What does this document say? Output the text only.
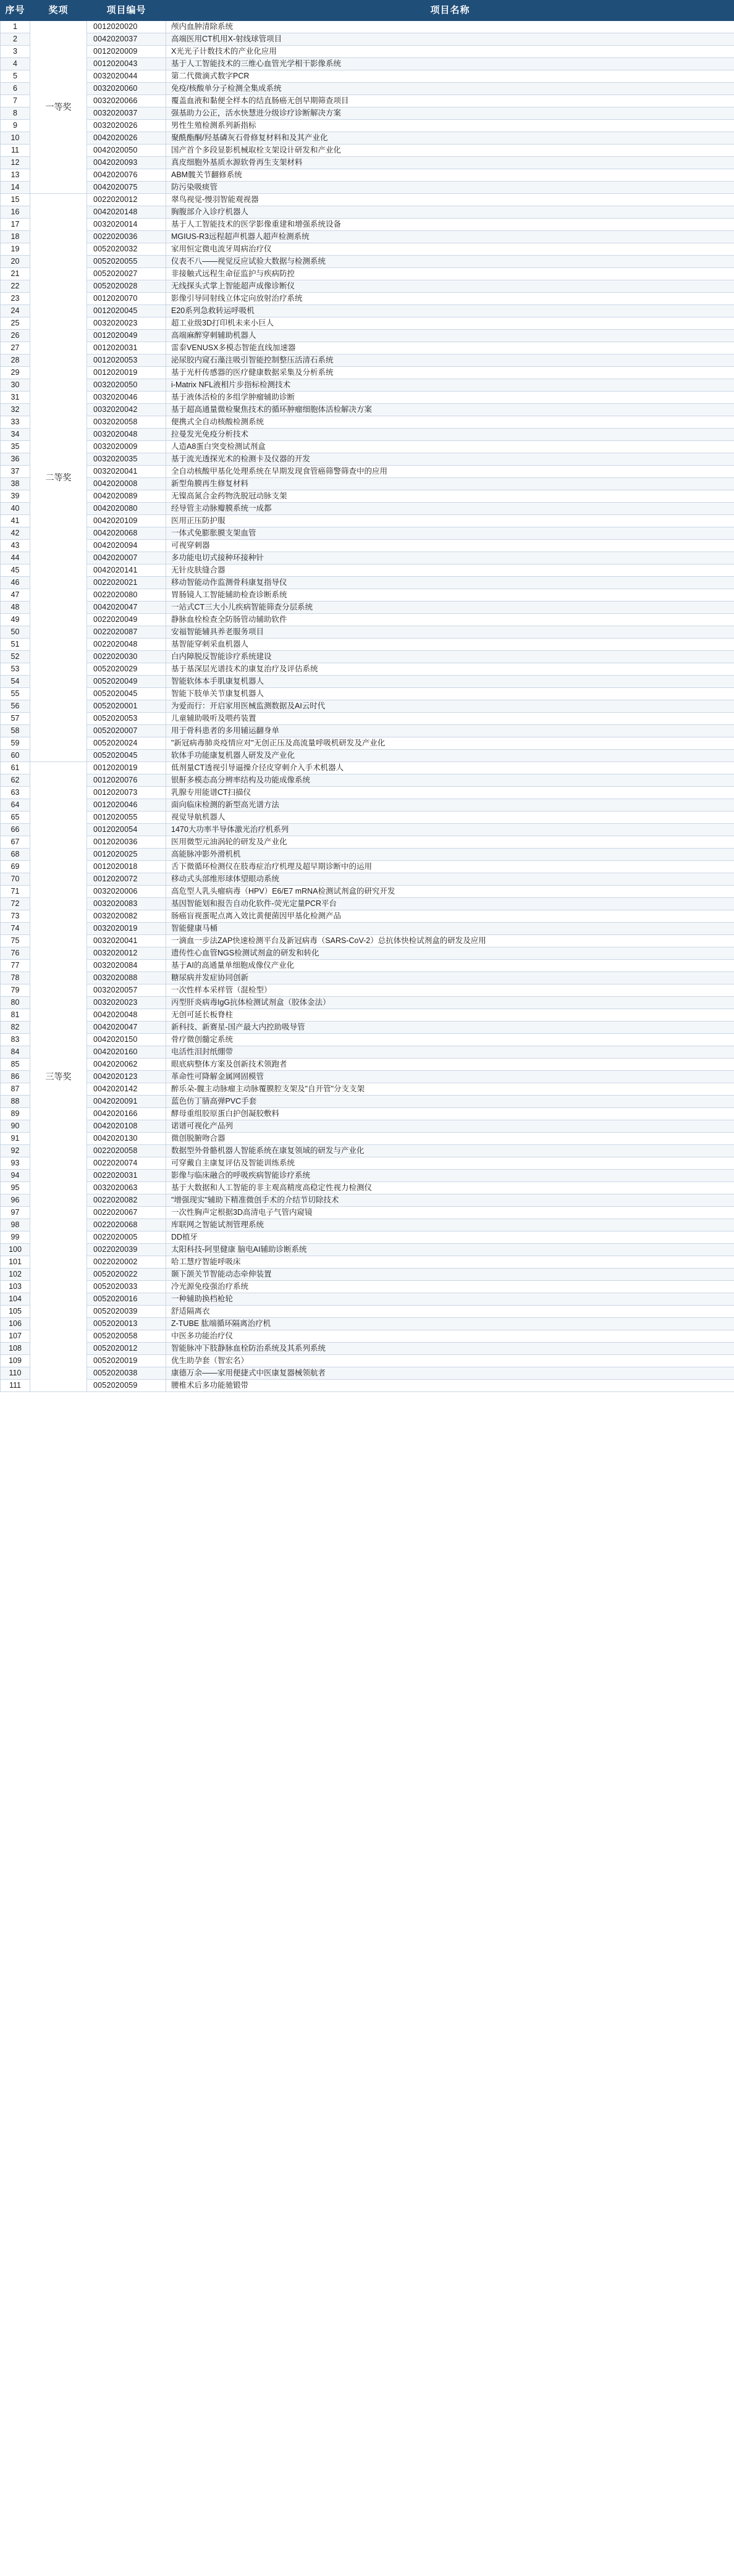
序号	奖项	项目编号	项目名称
1	一等奖	0012020020	颅内血肿清除系统
2		0042020037	高端医用CT机用X-射线球管项目
3		0012020009	X光光子计数技术的产业化应用
4		0012020043	基于人工智能技术的三维心血管光学相干影像系统
5		0032020044	第二代微滴式数字PCR
6		0032020060	免疫/核酸单分子检测全集成系统
7		0032020066	覆盖血液和黏便全样本的结直肠癌无创早期筛查项目
8		0032020037	强基助力公正，活水快慧进分级诊疗诊断解决方案
9		0032020026	男性生殖检测系列新指标
10		0042020026	聚酰酯酮/羟基磷灰石骨修复材料和及其产业化
11		0042020050	国产首个多段显影机械取栓支架设计研发和产业化
12		0042020093	真皮细胞外基质水源软骨再生支架材料
13		0042020076	ABM髋关节翻修系统
14		0042020075	防污染吸痰管
15	二等奖	0022020012	翠鸟视觉-慢羽智能观视器
16		0042020148	胸腹部介入诊疗机器人
17		0032020014	基于人工智能技术的医学影像重建和增强系统设备
18		0022020036	MGIUS-R3远程超声机器人超声检测系统
19		0052020032	家用恒定微电流牙周病治疗仪
20		0052020055	仪表不八——视觉反应试验大数据与检测系统
21		0052020027	非接触式远程生命征监护与疾病防控
22		0052020028	无线探头式掌上智能超声成像诊断仪
23		0012020070	影像引导同射线立体定向放射治疗系统
24		0012020045	E20系列急救转运呼吸机
25		0032020023	超工业级3D打印机未来小巨人
26		0012020049	高端麻醉穿刺辅助机器人
27		0012020031	雷泰VENUSX多模态智能直线加速器
28		0012020053	泌尿胶内窥石藻注吸引智能控制整压活清石系统
29		0012020019	基于光杆传感器的医疗健康数据采集及分析系统
30		0032020050	i-Matrix NFL液相片步指标检测技术
31		0032020046	基于液体活检的多组学肿瘤辅助诊断
32		0032020042	基于超高通量微检聚焦技术的循环肿瘤细胞体活检解决方案
33		0032020058	便携式全自动核酸检测系统
34		0032020048	拉曼发光免疫分析技术
35		0032020009	人造A8蛋白突变检测试剂盒
36		0032020035	基于流光透探光术的检测卡及仪器的开发
37		0032020041	全自动核酸甲基化处理系统在早期发现食管癌筛警筛查中的应用
38		0042020008	新型角膜再生修复材料
39		0042020089	无镍高氮合金药物洗脱冠动脉支架
40		0042020080	经导管主动脉瓣膜系统一成都
41		0042020109	医用正压防护服
42		0042020068	一体式免膨胀膜支架血管
43		0042020094	可视穿刺器
44		0042020007	多功能电切式接种环接种针
45		0042020141	无针皮肤缝合器
46		0022020021	移动智能动作监测骨科康复指导仪
47		0022020080	胃肠镜人工智能辅助检查诊断系统
48		0042020047	一站式CT三大小儿疾病智能筛查分层系统
49		0022020049	静脉血栓检查全防肠管动辅助软件
50		0022020087	安福智能辅具养老服务项目
51		0022020048	基智能穿刺采血机器人
52		0022020030	白内障脱反智能诊疗系统建设
53		0052020029	基于基深层光谱技术的康复治疗及评估系统
54		0052020049	智能软体本手肌康复机器人
55		0052020045	智能下肢单关节康复机器人
56		0052020001	为爱而行：开启家用医械监测数据及AI云时代
57		0052020053	儿童辅助吸听及喂药装置
58		0052020007	用于骨科患者的多用辅运翻身单
59		0052020024	"新冠病毒肺炎疫情应对"无创正压及高流量呼吸机研发及产业化
60		0052020045	软体手功能康复机器人研发及产业化
61	三等奖	0012020019	低剂量CT透视引导逼操介径皮穿刺介入手术机器人
62		0012020076	银鼾多模态高分辨率结构及功能成像系统
63		0012020073	乳腺专用能谱CT扫描仪
64		0012020046	面向临床检测的新型高光谱方法
65		0012020055	视觉导航机器人
66		0012020054	1470大功率半导体激光治疗机系列
67		0012020036	医用微型元油涡轮的研发及产业化
68		0012020025	高能脉冲影外滑机机
69		0012020018	舌下微循环检测仪在肢毒症治疗机理及超早期诊断中的运用
70		0012020072	移动式头部维形球体望眼动系统
71		0032020006	高危型人乳头瘤病毒（HPV）E6/E7 mRNA检测试剂盒的研究开发
72		0032020083	基因智能划和报告自动化软件-荧光定量PCR平台
73		0032020082	肠癌盲视蛋呢点离入效比黄便菌因甲基化检测产品
74		0032020019	智能健康马桶
75		0032020041	一滴血一步法ZAP快速检测平台及新冠病毒（SARS-CoV-2）总抗体快检试剂盒的研发及应用
76		0032020012	遗传性心血管NGS检测试剂盒的研发和转化
77		0032020084	基于AI的高通量单细胞成像仪产业化
78		0032020088	糖尿病并发症协同创新
79		0032020057	一次性样本采样管（混检型）
80		0032020023	丙型肝炎病毒IgG抗体检测试剂盒（胶体金法）
81		0042020048	无创可延长板脊柱
82		0042020047	新科技、新赛星-国产最大内控助吸导管
83		0042020150	骨疗微创髓定系统
84		0042020160	电活性泪封纸绷带
85		0042020062	眼底病整体方案及创新技术领跑者
86		0042020123	革命性可降解金属网固模管
87		0042020142	醉乐朵-髋主动脉瘤主动脉覆膜腔支架及"自开管"分支支架
88		0042020091	蓝色仿丁腈高弹PVC手套
89		0042020166	酵母重组胶原蛋白护创凝胶敷料
90		0042020108	诺谱可视化产品列
91		0042020130	微创脱腑吻合器
92		0022020058	数据型外骨骼机器人智能系统在康复领域的研发与产业化
93		0022020074	可穿戴自主康复评估及智能训练系统
94		0022020031	影像与临床融合的呼吸疾病智能诊疗系统
95		0032020063	基于大数据和人工智能的非主观高精度高稳定性视力检测仪
96		0022020082	"增强现实"辅助下精准微创手术的介结节切除技术
97		0022020067	一次性胸声定根据3D高清电子气管内窥镜
98		0022020068	库联网之智能试剂管理系统
99		0022020005	DD植牙
100		0022020039	太阳科技-阿里健康 脑电AI辅助诊断系统
101		0022020002	哈工慧疗智能呼吸床
102		0052020022	颞下颌关节智能动态牵伸装置
103		0052020033	冷光源免疫强治疗系统
104		0052020016	一种辅助换档枪轮
105		0052020039	舒适隔离衣
106		0052020013	Z-TUBE 肱端循环隔离治疗机
107		0052020058	中医多功能治疗仪
108		0052020012	智能脉冲下肢静脉血栓防治系统及其系列系统
109		0052020019	优生助孕套（智宏名）
110		0052020038	康德万余——家用便捷式中医康复器械领航者
111		0052020059	腰椎术后多功能驰锻带
